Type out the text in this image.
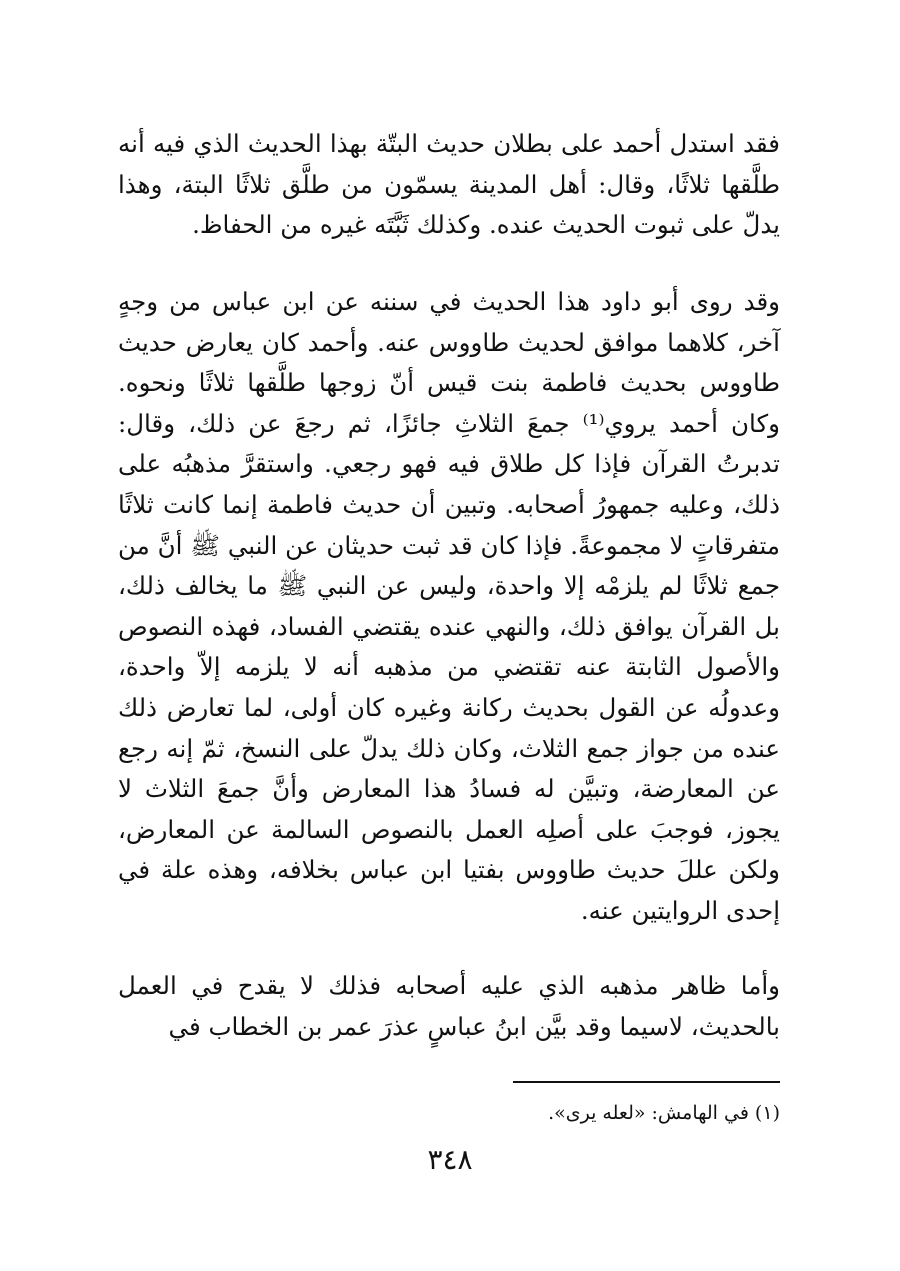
فقد استدل أحمد على بطلان حديث البتّة بهذا الحديث الذي فيه أنه طلَّقها ثلاثًا، وقال: أهل المدينة يسمّون من طلَّق ثلاثًا البتة، وهذا يدلّ على ثبوت الحديث عنده. وكذلك ثَبَّتَه غيره من الحفاظ.

وقد روى أبو داود هذا الحديث في سننه عن ابن عباس من وجهٍ آخر، كلاهما موافق لحديث طاووس عنه. وأحمد كان يعارض حديث طاووس بحديث فاطمة بنت قيس أنّ زوجها طلَّقها ثلاثًا ونحوه. وكان أحمد يروي⁽¹⁾ جمعَ الثلاثِ جائزًا، ثم رجعَ عن ذلك، وقال: تدبرتُ القرآن فإذا كل طلاق فيه فهو رجعي. واستقرَّ مذهبُه على ذلك، وعليه جمهورُ أصحابه. وتبين أن حديث فاطمة إنما كانت ثلاثًا متفرقاتٍ لا مجموعةً. فإذا كان قد ثبت حديثان عن النبي ﷺ أنَّ من جمع ثلاثًا لم يلزمْه إلا واحدة، وليس عن النبي ﷺ ما يخالف ذلك، بل القرآن يوافق ذلك، والنهي عنده يقتضي الفساد، فهذه النصوص والأصول الثابتة عنه تقتضي من مذهبه أنه لا يلزمه إلاّ واحدة، وعدولُه عن القول بحديث ركانة وغيره كان أولى، لما تعارض ذلك عنده من جواز جمع الثلاث، وكان ذلك يدلّ على النسخ، ثمّ إنه رجع عن المعارضة، وتبيَّن له فسادُ هذا المعارض وأنَّ جمعَ الثلاث لا يجوز، فوجبَ على أصلِه العمل بالنصوص السالمة عن المعارض، ولكن عللَ حديث طاووس بفتيا ابن عباس بخلافه، وهذه علة في إحدى الروايتين عنه.

وأما ظاهر مذهبه الذي عليه أصحابه فذلك لا يقدح في العمل بالحديث، لاسيما وقد بيَّن ابنُ عباسٍ عذرَ عمر بن الخطاب في

(١) في الهامش: «لعله يرى».

٣٤٨
